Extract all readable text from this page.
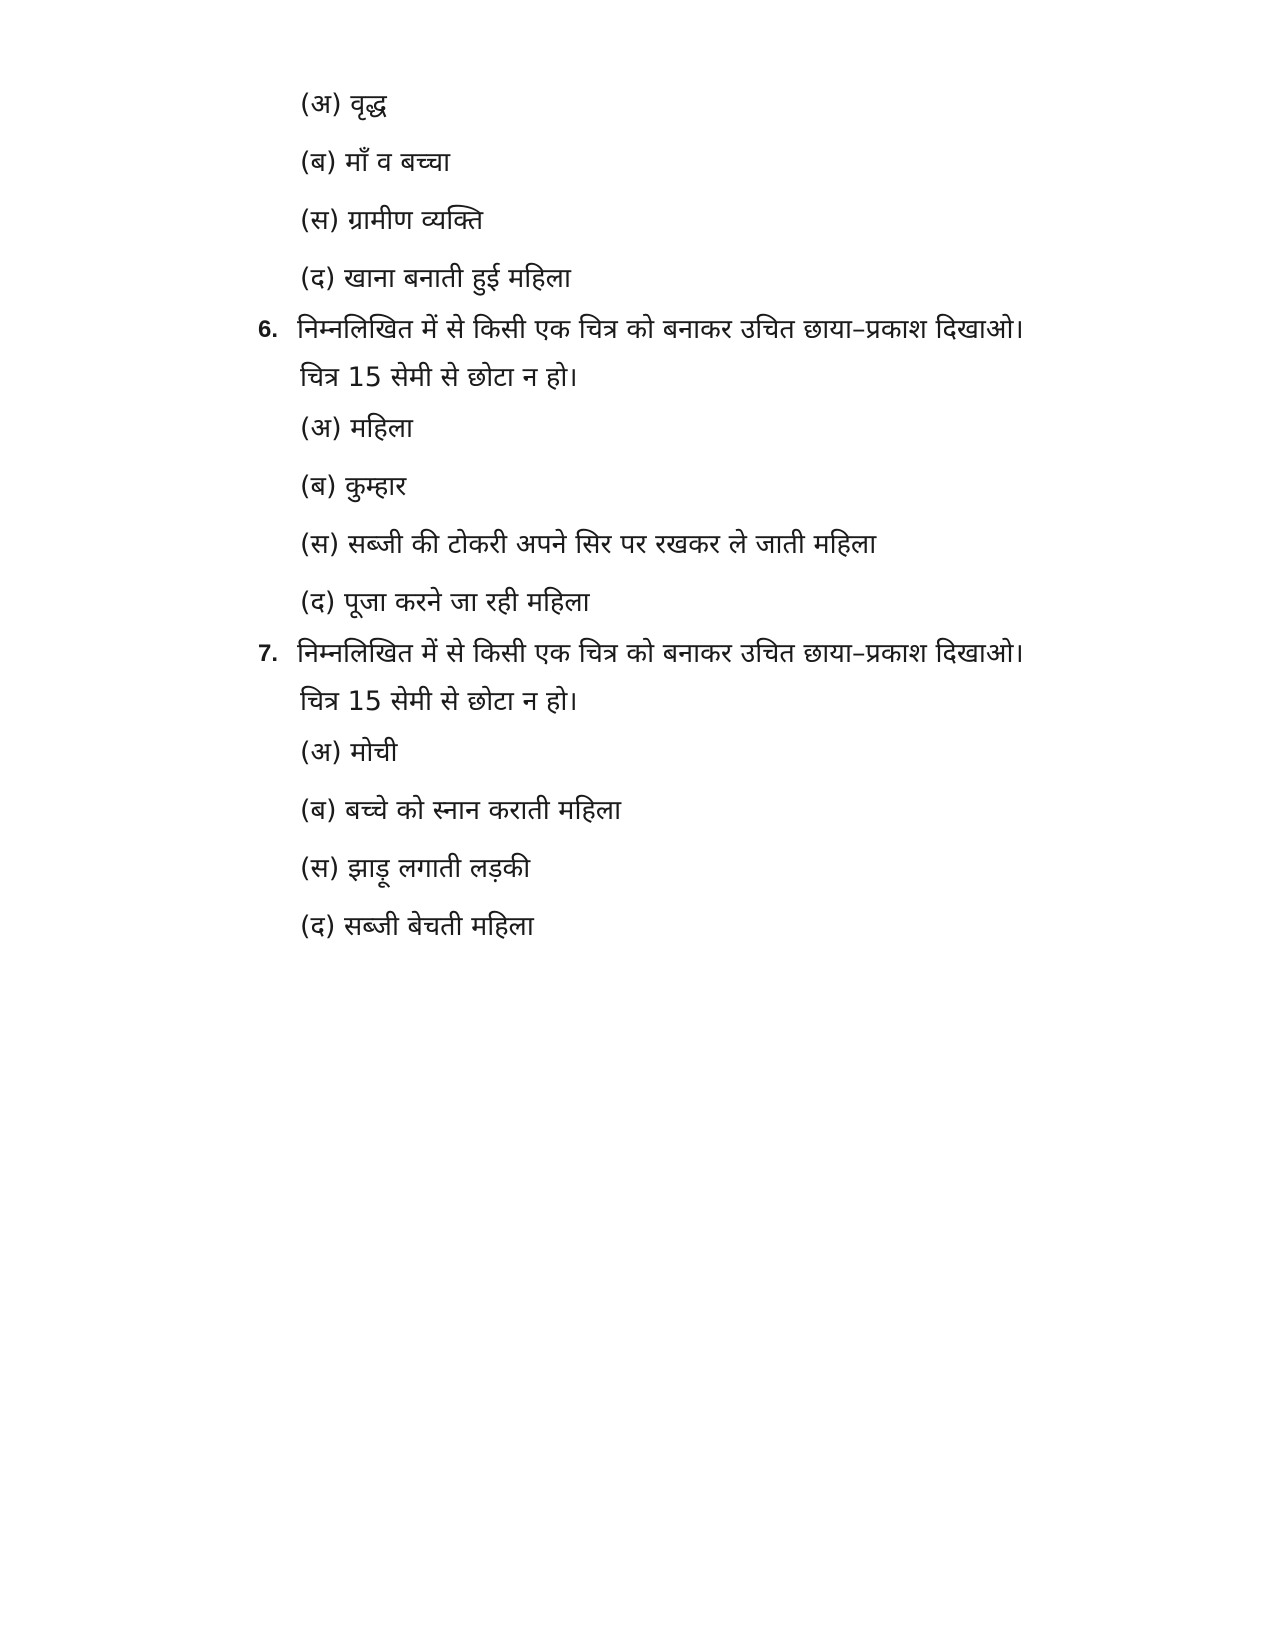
(अ) वृद्ध
(ब) माँ व बच्चा
(स) ग्रामीण व्यक्ति
(द) खाना बनाती हुई महिला
6. निम्नलिखित में से किसी एक चित्र को बनाकर उचित छाया–प्रकाश दिखाओ।
चित्र 15 सेमी से छोटा न हो।
(अ) महिला
(ब) कुम्हार
(स) सब्जी की टोकरी अपने सिर पर रखकर ले जाती महिला
(द) पूजा करने जा रही महिला
7. निम्नलिखित में से किसी एक चित्र को बनाकर उचित छाया–प्रकाश दिखाओ।
चित्र 15 सेमी से छोटा न हो।
(अ) मोची
(ब) बच्चे को स्नान कराती महिला
(स) झाड़ू लगाती लड़की
(द) सब्जी बेचती महिला
